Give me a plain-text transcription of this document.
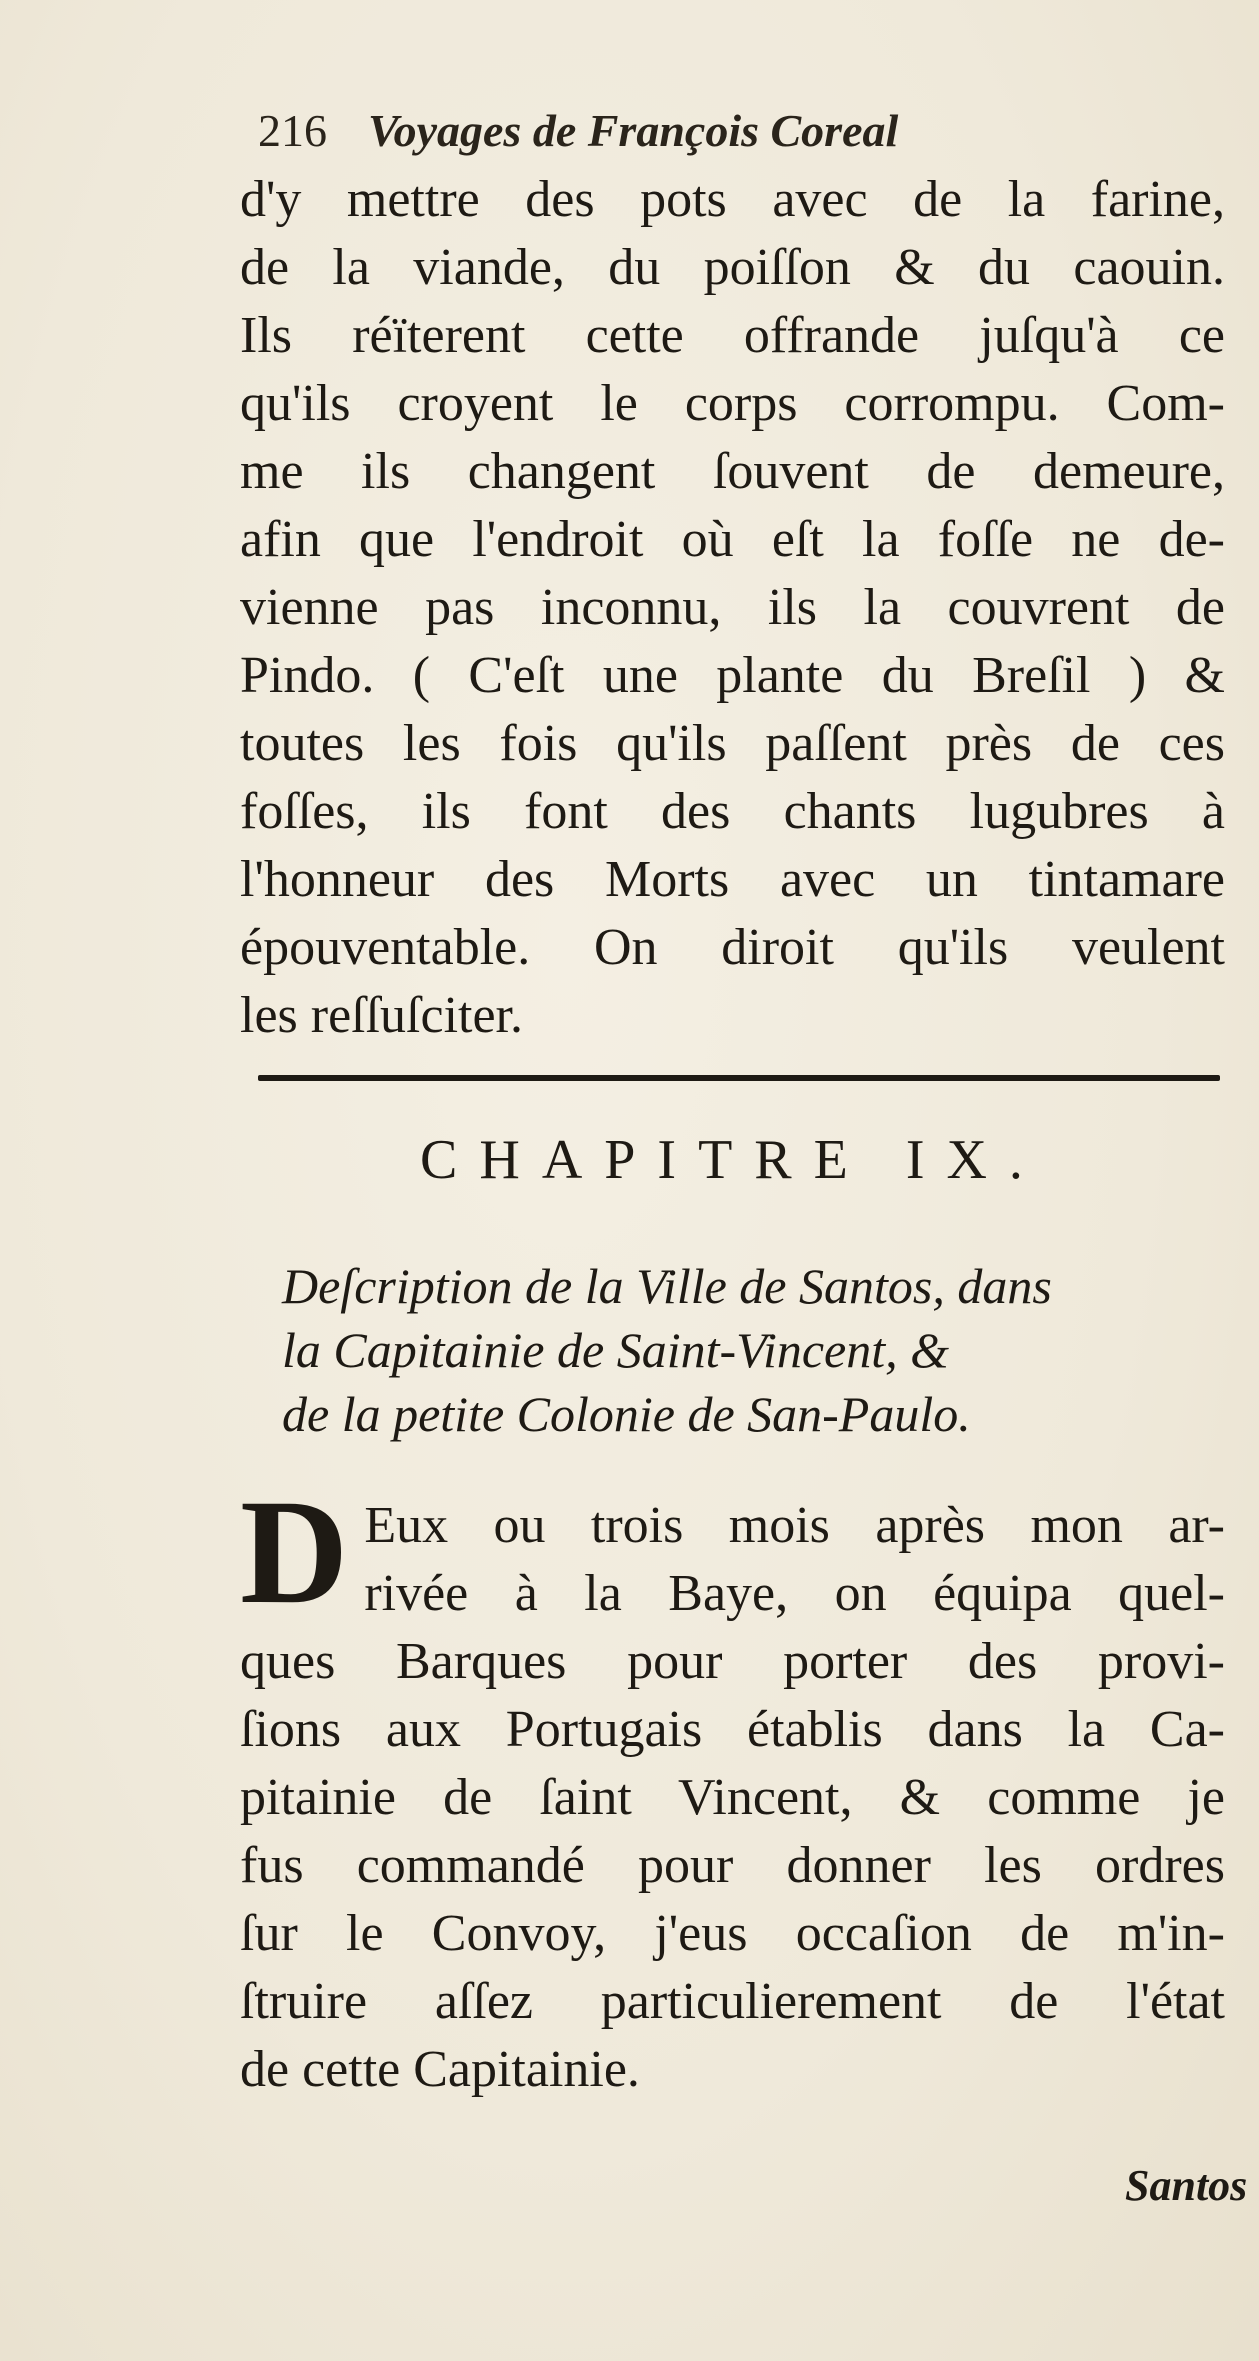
216 Voyages de François Coreal
d'y mettre des pots avec de la farine,
de la viande, du poiſſon & du caouin.
Ils réïterent cette offrande juſqu'à ce
qu'ils croyent le corps corrompu. Com-
me ils changent ſouvent de demeure,
afin que l'endroit où eſt la foſſe ne de-
vienne pas inconnu, ils la couvrent de
Pindo. ( C'eſt une plante du Breſil ) &
toutes les fois qu'ils paſſent près de ces
foſſes, ils font des chants lugubres à
l'honneur des Morts avec un tintamare
épouventable. On diroit qu'ils veulent
les reſſuſciter.
CHAPITRE IX.
Deſcription de la Ville de Santos, dans
la Capitainie de Saint-Vincent, &
de la petite Colonie de San-Paulo.
D Eux ou trois mois après mon ar-
rivée à la Baye, on équipa quel-
ques Barques pour porter des provi-
ſions aux Portugais établis dans la Ca-
pitainie de ſaint Vincent, & comme je
fus commandé pour donner les ordres
ſur le Convoy, j'eus occaſion de m'in-
ſtruire aſſez particulierement de l'état
de cette Capitainie.
Santos
